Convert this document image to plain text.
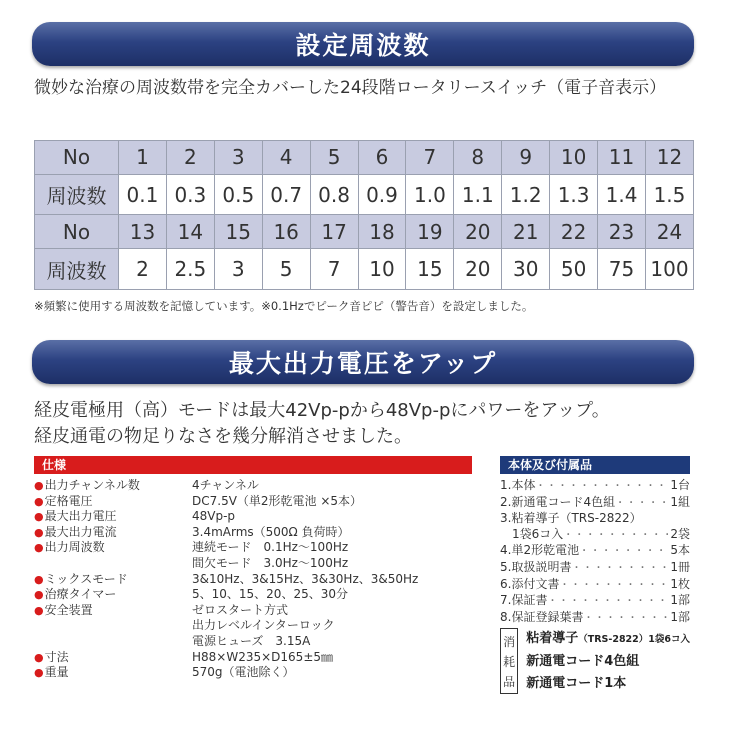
設定周波数
微妙な治療の周波数帯を完全カバーした24段階ロータリースイッチ（電子音表示）
No	1	2	3	4	5	6	7	8	9	10	11	12
周波数	0.1	0.3	0.5	0.7	0.8	0.9	1.0	1.1	1.2	1.3	1.4	1.5
No	13	14	15	16	17	18	19	20	21	22	23	24
周波数	2	2.5	3	5	7	10	15	20	30	50	75	100
※頻繁に使用する周波数を記憶しています。※0.1Hzでピーク音ピピ（警告音）を設定しました。
最大出力電圧をアップ
経皮電極用（高）モードは最大42Vp-pから48Vp-pにパワーをアップ。
経皮通電の物足りなさを幾分解消させました。
仕様
●出力チャンネル数	4チャンネル
●定格電圧	DC7.5V（単2形乾電池 ×5本）
●最大出力電圧	48Vp-p
●最大出力電流	3.4mArms（500Ω 負荷時）
●出力周波数	連続モード　0.1Hz～100Hz
間欠モード　3.0Hz～100Hz
●ミックスモード	3&10Hz、3&15Hz、3&30Hz、3&50Hz
●治療タイマー	5、10、15、20、25、30分
●安全装置	ゼロスタート方式
出力レベルインターロック
電源ヒューズ　3.15A
●寸法	H88×W235×D165±5㎜
●重量	570g（電池除く）
本体及び付属品
1.本体 ・・・・・・・・・・・・・・・・・・・・・・・・・・	1台
2.新通電コード4色組 ・・・・・・・・・・・・・・・・・・・・・・・・・・	1組
3.粘着導子（TRS-2822）
1袋6コ入 ・・・・・・・・・・・・・・・・・・・・・・・・・・	2袋
4.単2形乾電池 ・・・・・・・・・・・・・・・・・・・・・・・・・・	5本
5.取扱説明書 ・・・・・・・・・・・・・・・・・・・・・・・・・・	1冊
6.添付文書 ・・・・・・・・・・・・・・・・・・・・・・・・・・	1枚
7.保証書 ・・・・・・・・・・・・・・・・・・・・・・・・・・	1部
8.保証登録葉書 ・・・・・・・・・・・・・・・・・・・・・・・・・・	1部
消
耗
品
粘着導子（TRS-2822）1袋6コ入
新通電コード4色組
新通電コード1本
